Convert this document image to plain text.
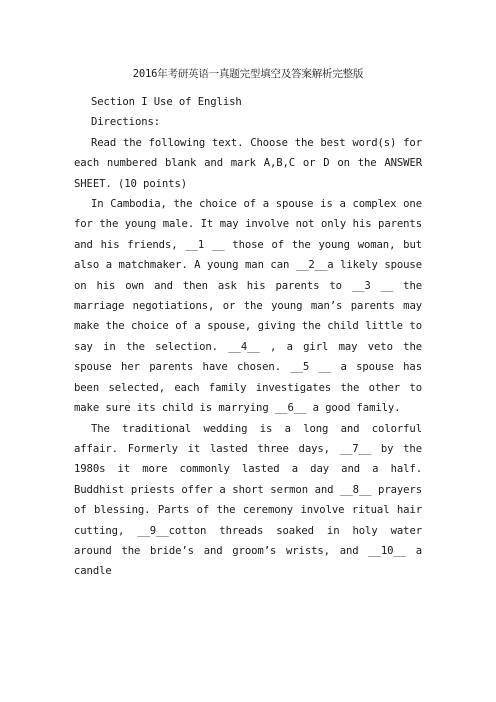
2016年考研英语一真题完型填空及答案解析完整版

Section I Use of English

Directions:

Read the following text. Choose the best word(s) for each numbered blank and mark A,B,C or D on the ANSWER SHEET. (10 points)

In Cambodia, the choice of a spouse is a complex one for the young male. It may involve not only his parents and his friends, __1 __ those of the young woman, but also a matchmaker. A young man can __2__a likely spouse on his own and then ask his parents to __3 __ the marriage negotiations, or the young man’s parents may make the choice of a spouse, giving the child little to say in the selection. __4__ , a girl may veto the spouse her parents have chosen. __5 __ a spouse has been selected, each family investigates the other to make sure its child is marrying __6__ a good family.

The traditional wedding is a long and colorful affair. Formerly it lasted three days, __7__ by the 1980s it more commonly lasted a day and a half. Buddhist priests offer a short sermon and __8__ prayers of blessing. Parts of the ceremony involve ritual hair cutting, __9__cotton threads soaked in holy water around the bride’s and groom’s wrists, and __10__ a candle
